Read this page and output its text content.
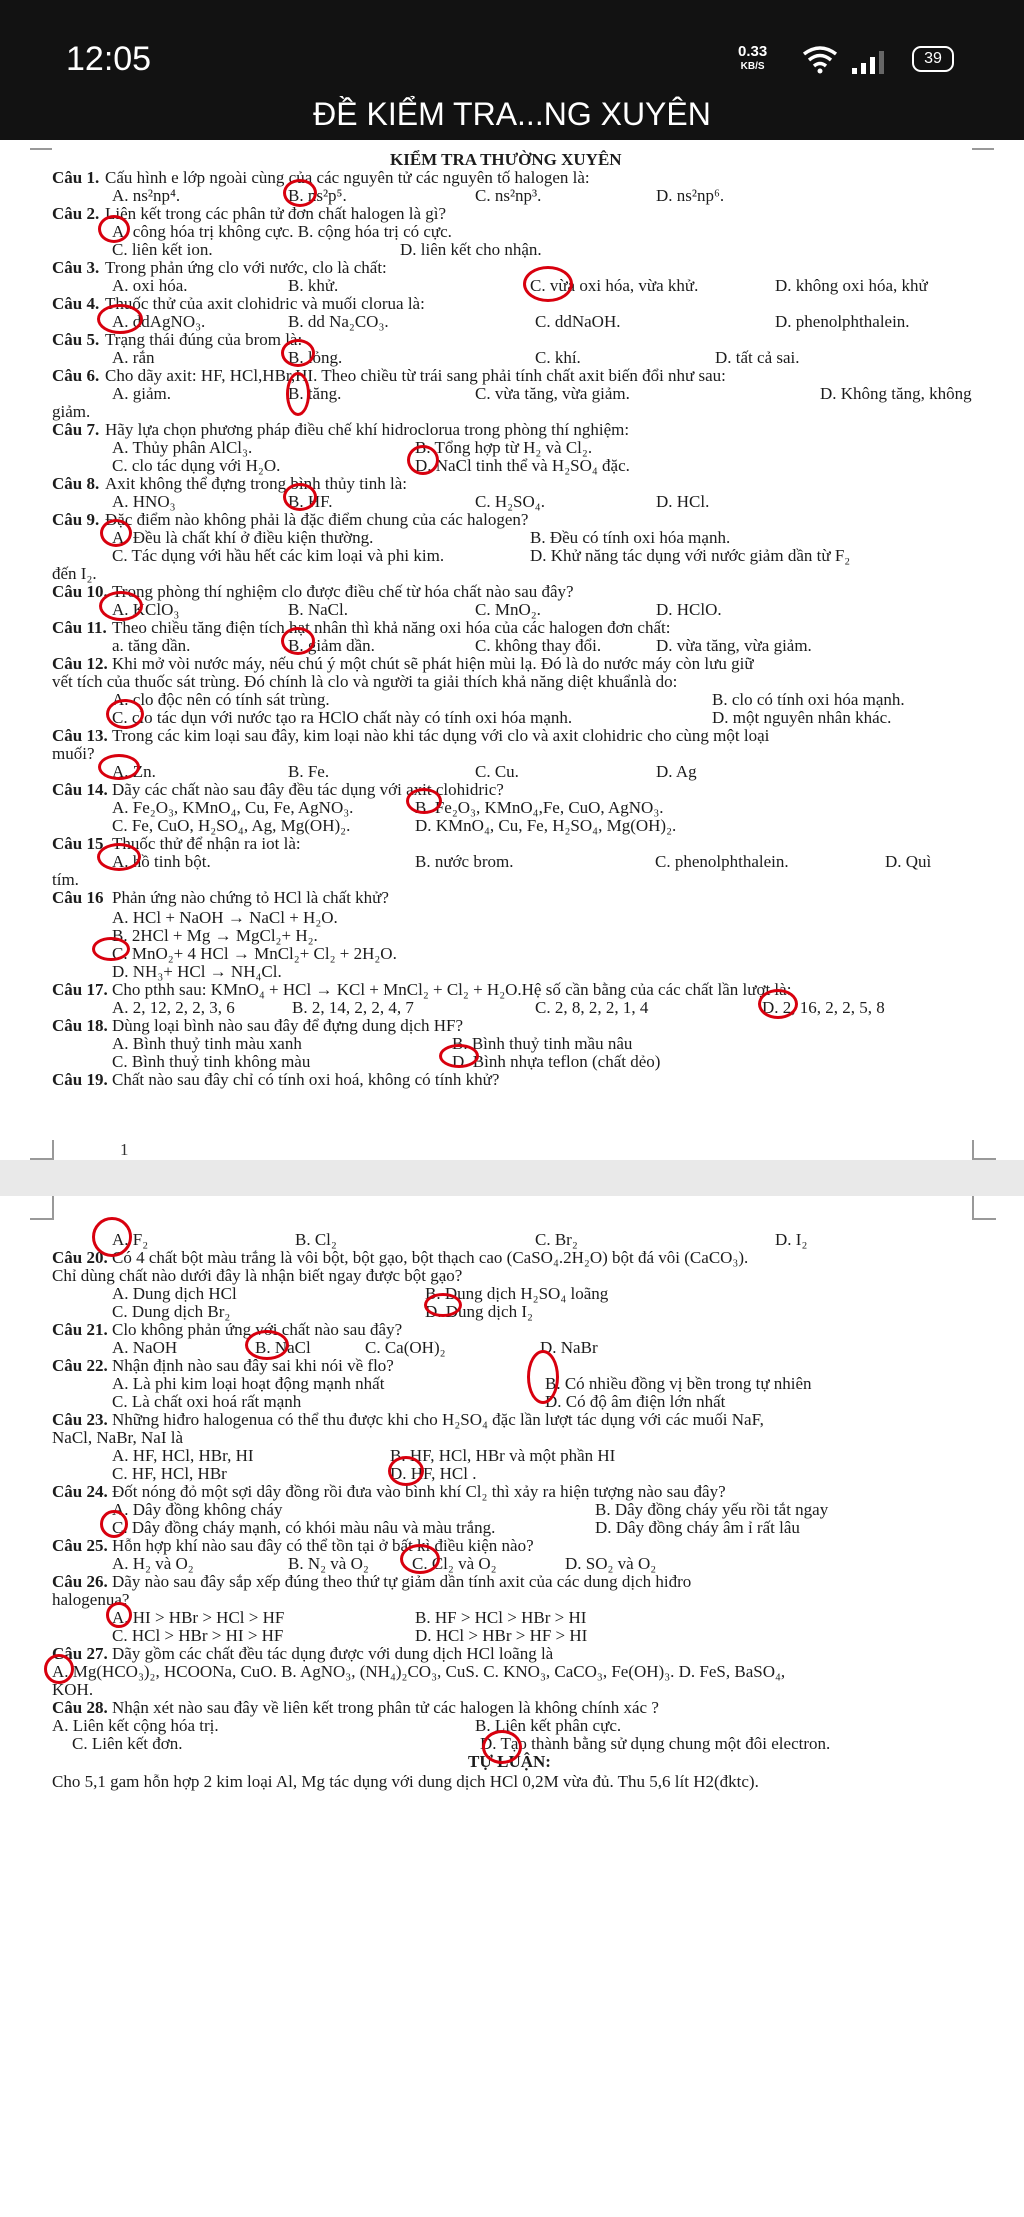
12:05	0.33
KB/S	39
ĐỀ KIỂM TRA...NG XUYÊN
KIỂM TRA THƯỜNG XUYÊN
Câu 1. Cấu hình e lớp ngoài cùng của các nguyên tử các nguyên tố halogen là:
A. ns²np⁴.	B. ns²p⁵.	C. ns²np³.	D. ns²np⁶.
Câu 2. Liên kết trong các phân tử đơn chất halogen là gì?
A. công hóa trị không cực. B. cộng hóa trị có cực.
C. liên kết ion.	D. liên kết cho nhận.
Câu 3. Trong phản ứng clo với nước, clo là chất:
A. oxi hóa.	B. khử.	C. vừa oxi hóa, vừa khử.	D. không oxi hóa, khử
Câu 4. Thuốc thử của axit clohidric và muối clorua là:
A. ddAgNO₃.	B. dd Na₂CO₃.	C. ddNaOH.	D. phenolphthalein.
Câu 5. Trạng thái đúng của brom là:
A. rắn	B. lỏng.	C. khí.	D. tất cả sai.
Câu 6. Cho dãy axit: HF, HCl,HBr,HI. Theo chiều từ trái sang phải tính chất axit biến đổi như sau:
A. giảm.	B. tăng.	C. vừa tăng, vừa giảm.	D. Không tăng, không
giảm.
Câu 7. Hãy lựa chọn phương pháp điều chế khí hidroclorua trong phòng thí nghiệm:
A. Thủy phân AlCl₃.	B. Tổng hợp từ H₂ và Cl₂.
C. clo tác dụng với H₂O.	D. NaCl tinh thể và H₂SO₄ đặc.
Câu 8. Axit không thể đựng trong bình thủy tinh là:
A. HNO₃	B. HF.	C. H₂SO₄.	D. HCl.
Câu 9. Đặc điểm nào không phải là đặc điểm chung của các halogen?
A. Đều là chất khí ở điều kiện thường.	B. Đều có tính oxi hóa mạnh.
C. Tác dụng với hầu hết các kim loại và phi kim.	D. Khử năng tác dụng với nước giảm dần từ F₂
đến I₂.
Câu 10. Trong phòng thí nghiệm clo được điều chế từ hóa chất nào sau đây?
A. KClO₃	B. NaCl.	C. MnO₂.	D. HClO.
Câu 11. Theo chiều tăng điện tích hạt nhân thì khả năng oxi hóa của các halogen đơn chất:
a. tăng dần.	B. giảm dần.	C. không thay đổi.	D. vừa tăng, vừa giảm.
Câu 12. Khi mở vòi nước máy, nếu chú ý một chút sẽ phát hiện mùi lạ. Đó là do nước máy còn lưu giữ
vết tích của thuốc sát trùng. Đó chính là clo và người ta giải thích khả năng diệt khuẩnlà do:
A. clo độc nên có tính sát trùng.	B. clo có tính oxi hóa mạnh.
C. clo tác dụn với nước tạo ra HClO chất này có tính oxi hóa mạnh.	D. một nguyên nhân khác.
Câu 13. Trong các kim loại sau đây, kim loại nào khi tác dụng với clo và axit clohidric cho cùng một loại
muối?
A. Zn.	B. Fe.	C. Cu.	D. Ag
Câu 14. Dãy các chất nào sau đây đều tác dụng với axit clohidric?
A. Fe₂O₃, KMnO₄, Cu, Fe, AgNO₃.	B. Fe₂O₃, KMnO₄,Fe, CuO, AgNO₃.
C. Fe, CuO, H₂SO₄, Ag, Mg(OH)₂.	D. KMnO₄, Cu, Fe, H₂SO₄, Mg(OH)₂.
Câu 15. Thuốc thử để nhận ra iot là:
A. hồ tinh bột.	B. nước brom.	C. phenolphthalein.	D. Quì
tím.
Câu 16 Phản ứng nào chứng tỏ HCl là chất khử?
A. HCl + NaOH → NaCl + H₂O.
B. 2HCl + Mg → MgCl₂+ H₂.
C. MnO₂+ 4 HCl → MnCl₂+ Cl₂ + 2H₂O.
D. NH₃+ HCl → NH₄Cl.
Câu 17. Cho pthh sau: KMnO₄ + HCl → KCl + MnCl₂ + Cl₂ + H₂O.Hệ số cần bằng của các chất lần lượt là:
A. 2, 12, 2, 2, 3, 6	B. 2, 14, 2, 2, 4, 7	C. 2, 8, 2, 2, 1, 4	D. 2, 16, 2, 2, 5, 8
Câu 18. Dùng loại bình nào sau đây để đựng dung dịch HF?
A. Bình thuỷ tinh màu xanh	B. Bình thuỷ tinh mầu nâu
C. Bình thuỷ tinh không màu	D. Bình nhựa teflon (chất dẻo)
Câu 19. Chất nào sau đây chỉ có tính oxi hoá, không có tính khử?
A. F₂	B. Cl₂	C. Br₂	D. I₂
Câu 20. Có 4 chất bột màu trắng là vôi bột, bột gạo, bột thạch cao (CaSO₄.2H₂O) bột đá vôi (CaCO₃).
Chỉ dùng chất nào dưới đây là nhận biết ngay được bột gạo?
A. Dung dịch HCl	B. Dung dịch H₂SO₄ loãng
C. Dung dịch Br₂	D. Dung dịch I₂
Câu 21. Clo không phản ứng với chất nào sau đây?
A. NaOH	B. NaCl	C. Ca(OH)₂	D. NaBr
Câu 22. Nhận định nào sau đây sai khi nói về flo?
A. Là phi kim loại hoạt động mạnh nhất	B. Có nhiều đồng vị bền trong tự nhiên
C. Là chất oxi hoá rất mạnh	D. Có độ âm điện lớn nhất
Câu 23. Những hiđro halogenua có thể thu được khi cho H₂SO₄ đặc lần lượt tác dụng với các muối NaF,
NaCl, NaBr, NaI là
A. HF, HCl, HBr, HI	B. HF, HCl, HBr và một phần HI
C. HF, HCl, HBr	D. HF, HCl .
Câu 24. Đốt nóng đỏ một sợi dây đồng rồi đưa vào bình khí Cl₂ thì xảy ra hiện tượng nào sau đây?
A. Dây đồng không cháy	B. Dây đồng cháy yếu rồi tắt ngay
C. Dây đồng cháy mạnh, có khói màu nâu và màu trắng.	D. Dây đồng cháy âm ỉ rất lâu
Câu 25. Hỗn hợp khí nào sau đây có thể tồn tại ở bất kì điều kiện nào?
A. H₂ và O₂	B. N₂ và O₂	C. Cl₂ và O₂	D. SO₂ và O₂
Câu 26. Dãy nào sau đây sắp xếp đúng theo thứ tự giảm dần tính axit của các dung dịch hiđro
halogenua?
A. HI > HBr > HCl > HF	B. HF > HCl > HBr > HI
C. HCl > HBr > HI > HF	D. HCl > HBr > HF > HI
Câu 27. Dãy gồm các chất đều tác dụng được với dung dịch HCl loãng là
A. Mg(HCO₃)₂, HCOONa, CuO. B. AgNO₃, (NH₄)₂CO₃, CuS. C. KNO₃, CaCO₃, Fe(OH)₃. D. FeS, BaSO₄,
KOH.
Câu 28. Nhận xét nào sau đây về liên kết trong phân tử các halogen là không chính xác ?
A. Liên kết cộng hóa trị.	B. Liên kết phân cực.
C. Liên kết đơn.	D. Tạo thành bằng sử dụng chung một đôi electron.
TỰ LUẬN:
Cho 5,1 gam hỗn hợp 2 kim loại Al, Mg tác dụng với dung dịch HCl 0,2M vừa đủ. Thu 5,6 lít H2(đktc).
1
